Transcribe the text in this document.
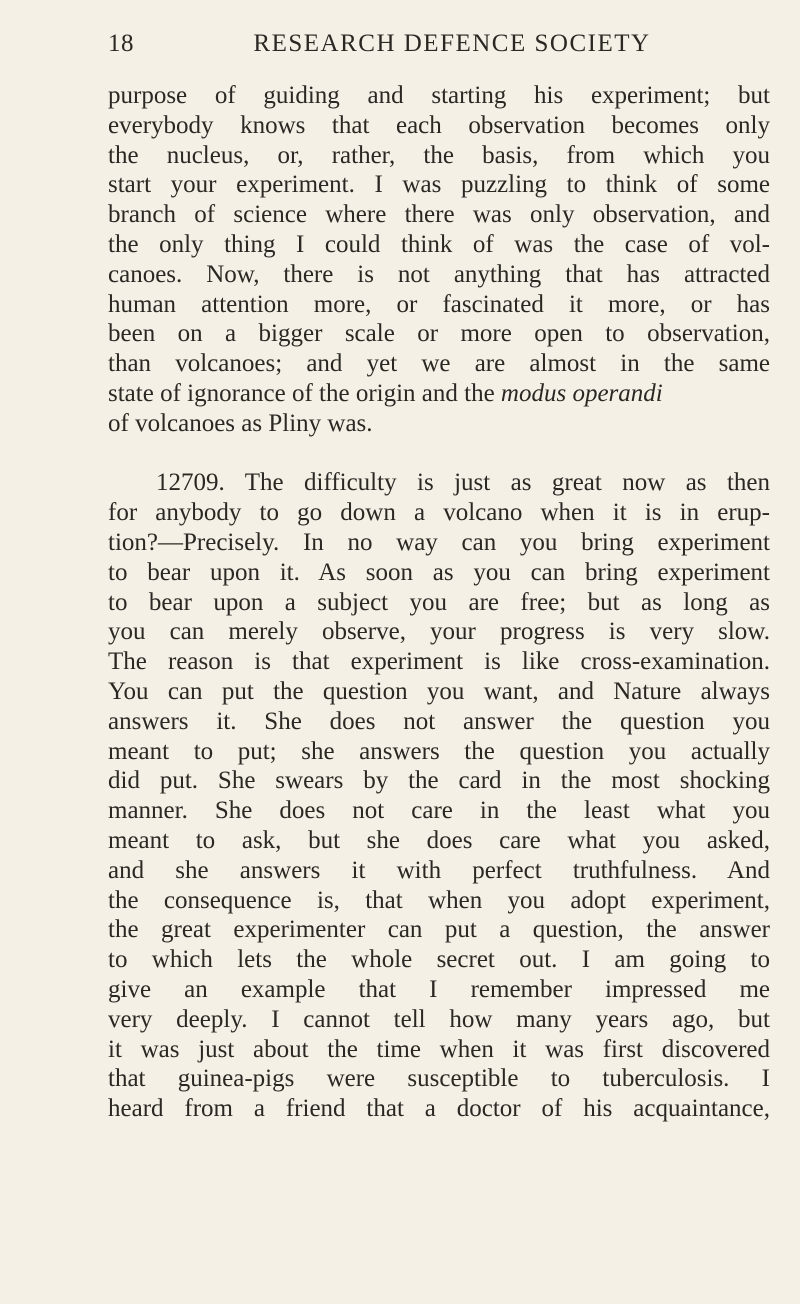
18	RESEARCH DEFENCE SOCIETY
purpose of guiding and starting his experiment; but
everybody knows that each observation becomes only
the nucleus, or, rather, the basis, from which you
start your experiment. I was puzzling to think of some
branch of science where there was only observation, and
the only thing I could think of was the case of vol-
canoes. Now, there is not anything that has attracted
human attention more, or fascinated it more, or has
been on a bigger scale or more open to observation,
than volcanoes; and yet we are almost in the same
state of ignorance of the origin and the modus operandi
of volcanoes as Pliny was.
12709. The difficulty is just as great now as then
for anybody to go down a volcano when it is in erup-
tion?—Precisely. In no way can you bring experiment
to bear upon it. As soon as you can bring experiment
to bear upon a subject you are free; but as long as
you can merely observe, your progress is very slow.
The reason is that experiment is like cross-examination.
You can put the question you want, and Nature always
answers it. She does not answer the question you
meant to put; she answers the question you actually
did put. She swears by the card in the most shocking
manner. She does not care in the least what you
meant to ask, but she does care what you asked,
and she answers it with perfect truthfulness. And
the consequence is, that when you adopt experiment,
the great experimenter can put a question, the answer
to which lets the whole secret out. I am going to
give an example that I remember impressed me
very deeply. I cannot tell how many years ago, but
it was just about the time when it was first discovered
that guinea-pigs were susceptible to tuberculosis. I
heard from a friend that a doctor of his acquaintance,
